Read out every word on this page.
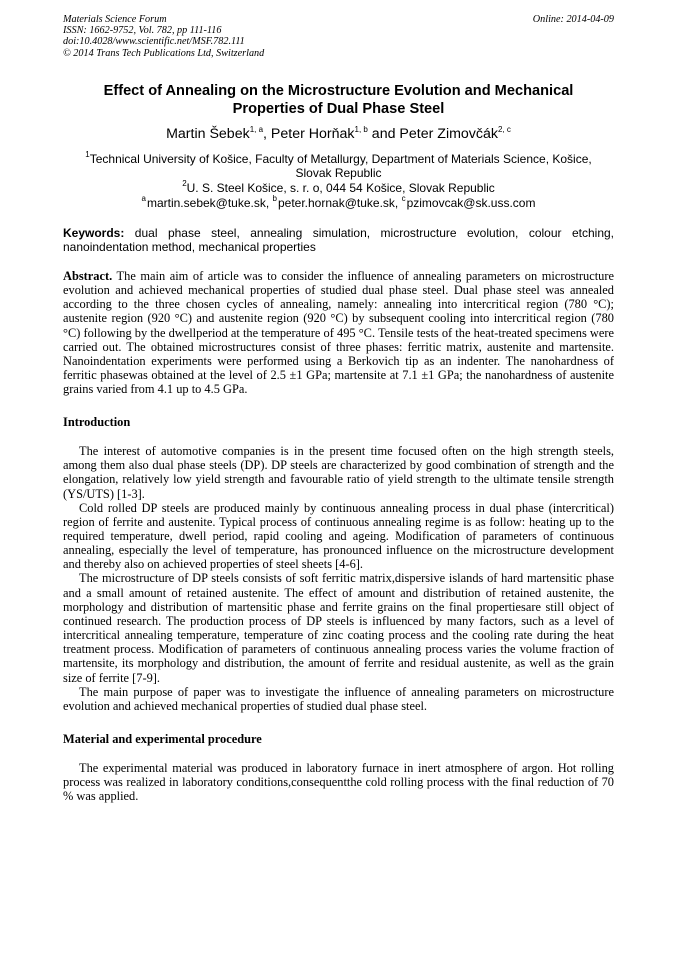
Materials Science Forum
ISSN: 1662-9752, Vol. 782, pp 111-116
doi:10.4028/www.scientific.net/MSF.782.111
© 2014 Trans Tech Publications Ltd, Switzerland
Online: 2014-04-09
Effect of Annealing on the Microstructure Evolution and Mechanical
Properties of Dual Phase Steel
Martin Šebek$^{1, a}$, Peter Horňak$^{1, b}$ and Peter Zimovčák$^{2, c}$
$^1$Technical University of Košice, Faculty of Metallurgy, Department of Materials Science, Košice,
Slovak Republic
$^2$U. S. Steel Košice, s. r. o, 044 54 Košice, Slovak Republic
$^a$martin.sebek@tuke.sk, $^b$peter.hornak@tuke.sk, $^c$pzimovcak@sk.uss.com
Keywords: dual phase steel, annealing simulation, microstructure evolution, colour etching, nanoindentation method, mechanical properties
Abstract. The main aim of article was to consider the influence of annealing parameters on microstructure evolution and achieved mechanical properties of studied dual phase steel. Dual phase steel was annealed according to the three chosen cycles of annealing, namely: annealing into intercritical region (780 °C); austenite region (920 °C) and austenite region (920 °C) by subsequent cooling into intercritical region (780 °C) following by the dwellperiod at the temperature of 495 °C. Tensile tests of the heat-treated specimens were carried out. The obtained microstructures consist of three phases: ferritic matrix, austenite and martensite. Nanoindentation experiments were performed using a Berkovich tip as an indenter. The nanohardness of ferritic phasewas obtained at the level of 2.5 ±1 GPa; martensite at 7.1 ±1 GPa; the nanohardness of austenite grains varied from 4.1 up to 4.5 GPa.
Introduction

The interest of automotive companies is in the present time focused often on the high strength steels, among them also dual phase steels (DP). DP steels are characterized by good combination of strength and the elongation, relatively low yield strength and favourable ratio of yield strength to the ultimate tensile strength (YS/UTS) [1-3].

Cold rolled DP steels are produced mainly by continuous annealing process in dual phase (intercritical) region of ferrite and austenite. Typical process of continuous annealing regime is as follow: heating up to the required temperature, dwell period, rapid cooling and ageing. Modification of parameters of continuous annealing, especially the level of temperature, has pronounced influence on the microstructure development and thereby also on achieved properties of steel sheets [4-6].

The microstructure of DP steels consists of soft ferritic matrix,dispersive islands of hard martensitic phase and a small amount of retained austenite. The effect of amount and distribution of retained austenite, the morphology and distribution of martensitic phase and ferrite grains on the final propertiesare still object of continued research. The production process of DP steels is influenced by many factors, such as a level of intercritical annealing temperature, temperature of zinc coating process and the cooling rate during the heat treatment process. Modification of parameters of continuous annealing process varies the volume fraction of martensite, its morphology and distribution, the amount of ferrite and residual austenite, as well as the grain size of ferrite [7-9].

The main purpose of paper was to investigate the influence of annealing parameters on microstructure evolution and achieved mechanical properties of studied dual phase steel.

Material and experimental procedure

The experimental material was produced in laboratory furnace in inert atmosphere of argon. Hot rolling process was realized in laboratory conditions,consequentthe cold rolling process with the final reduction of 70 % was applied.
